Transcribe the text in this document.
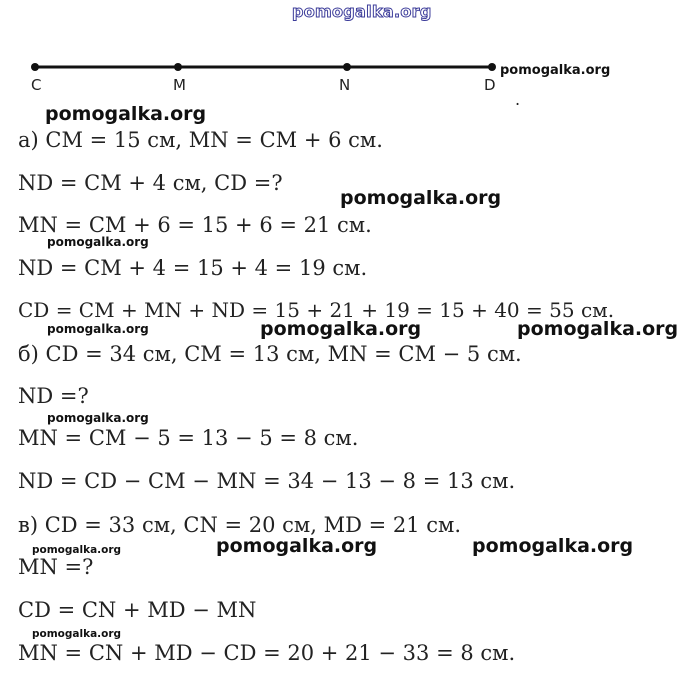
pomogalka.org
C	M	N	D
.
pomogalka.org
а) CM = 15 см, MN = CM + 6 см.
ND = CM + 4 см, CD =?
MN = CM + 6 = 15 + 6 = 21 см.
ND = CM + 4 = 15 + 4 = 19 см.
CD = CM + MN + ND = 15 + 21 + 19 = 15 + 40 = 55 см.
б) CD = 34 см, CM = 13 см, MN = CM − 5 см.
ND =?
MN = CM − 5 = 13 − 5 = 8 см.
ND = CD − CM − MN = 34 − 13 − 8 = 13 см.
в) CD = 33 см, CN = 20 см, MD = 21 см.
MN =?
CD = CN + MD − MN
MN = CN + MD − CD = 20 + 21 − 33 = 8 см.
pomogalka.org
pomogalka.org
pomogalka.org
pomogalka.org	pomogalka.org	pomogalka.org
pomogalka.org
pomogalka.org	pomogalka.org	pomogalka.org
pomogalka.org
